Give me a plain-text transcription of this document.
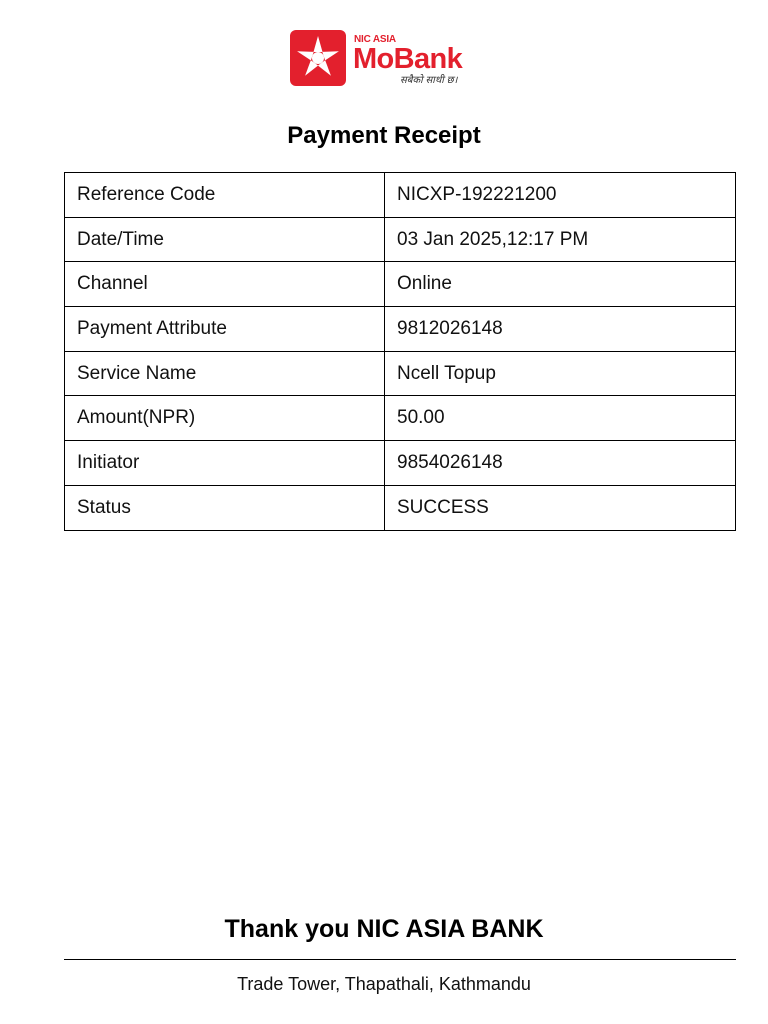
NIC ASIA
MoBank
सबैको साथी छ।
Payment Receipt
Reference Code	NICXP-192221200
Date/Time	03 Jan 2025,12:17 PM
Channel	Online
Payment Attribute	9812026148
Service Name	Ncell Topup
Amount(NPR)	50.00
Initiator	9854026148
Status	SUCCESS
Thank you NIC ASIA BANK
Trade Tower, Thapathali, Kathmandu
